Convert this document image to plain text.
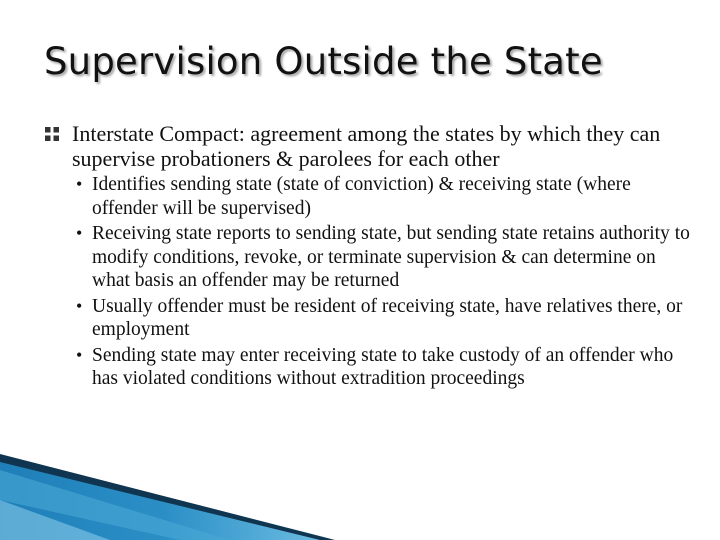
Supervision Outside the State

Interstate Compact: agreement among the states by which they can supervise probationers & parolees for each other

• Identifies sending state (state of conviction) & receiving state (where offender will be supervised)
• Receiving state reports to sending state, but sending state retains authority to modify conditions, revoke, or terminate supervision & can determine on what basis an offender may be returned
• Usually offender must be resident of receiving state, have relatives there, or employment
• Sending state may enter receiving state to take custody of an offender who has violated conditions without extradition proceedings
